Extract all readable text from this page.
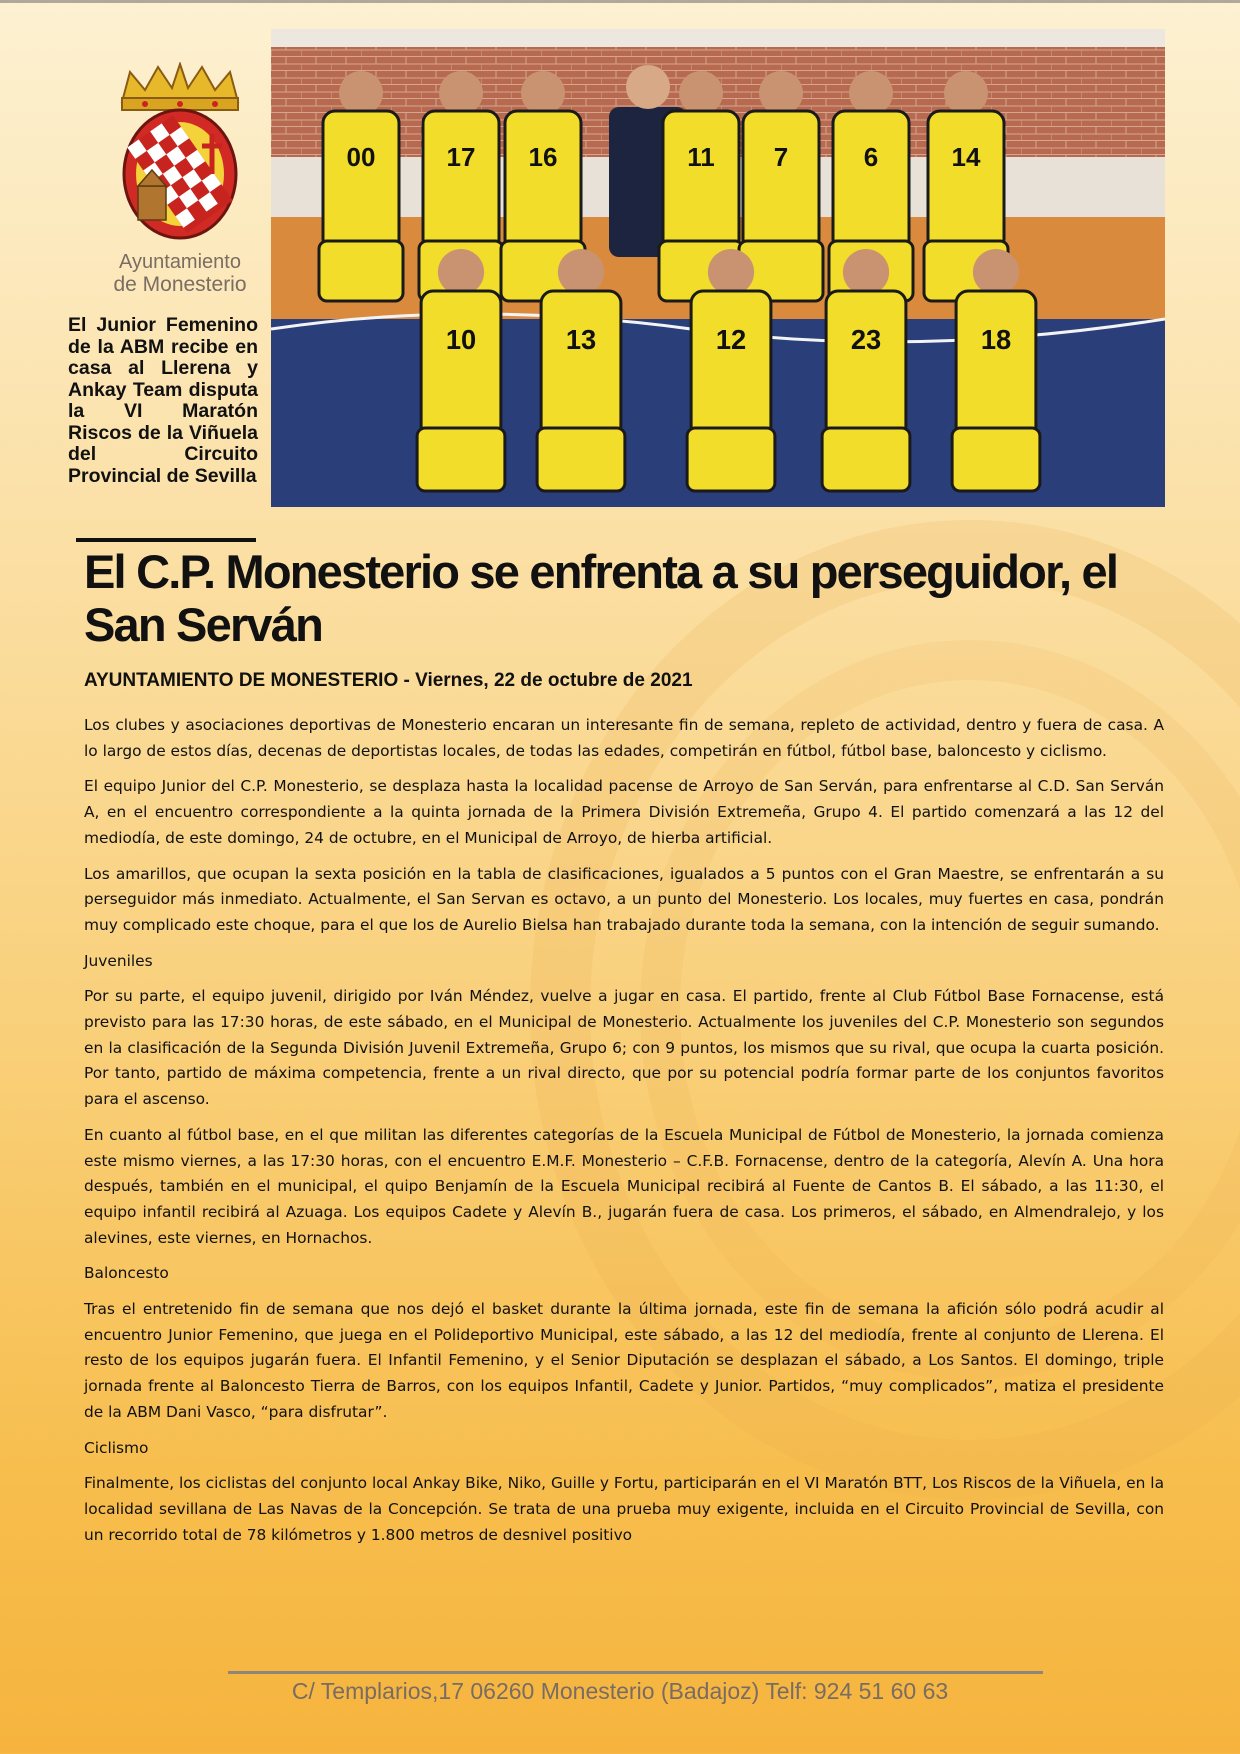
Ayuntamiento
de Monesterio
El Junior Femenino de la ABM recibe en casa al Llerena y Ankay Team disputa la VI Maratón Riscos de la Viñuela del Circuito Provincial de Sevilla
00	17 16	11 7	6	14
10	13	12	23	18
El C.P. Monesterio se enfrenta a su perseguidor, el San Serván

AYUNTAMIENTO DE MONESTERIO - Viernes, 22 de octubre de 2021

Los clubes y asociaciones deportivas de Monesterio encaran un interesante fin de semana, repleto de actividad, dentro y fuera de casa. A lo largo de estos días, decenas de deportistas locales, de todas las edades, competirán en fútbol, fútbol base, baloncesto y ciclismo.

El equipo Junior del C.P. Monesterio, se desplaza hasta la localidad pacense de Arroyo de San Serván, para enfrentarse al C.D. San Serván A, en el encuentro correspondiente a la quinta jornada de la Primera División Extremeña, Grupo 4. El partido comenzará a las 12 del mediodía, de este domingo, 24 de octubre, en el Municipal de Arroyo, de hierba artificial.

Los amarillos, que ocupan la sexta posición en la tabla de clasificaciones, igualados a 5 puntos con el Gran Maestre, se enfrentarán a su perseguidor más inmediato. Actualmente, el San Servan es octavo, a un punto del Monesterio. Los locales, muy fuertes en casa, pondrán muy complicado este choque, para el que los de Aurelio Bielsa han trabajado durante toda la semana, con la intención de seguir sumando.

Juveniles

Por su parte, el equipo juvenil, dirigido por Iván Méndez, vuelve a jugar en casa. El partido, frente al Club Fútbol Base Fornacense, está previsto para las 17:30 horas, de este sábado, en el Municipal de Monesterio. Actualmente los juveniles del C.P. Monesterio son segundos en la clasificación de la Segunda División Juvenil Extremeña, Grupo 6; con 9 puntos, los mismos que su rival, que ocupa la cuarta posición. Por tanto, partido de máxima competencia, frente a un rival directo, que por su potencial podría formar parte de los conjuntos favoritos para el ascenso.

En cuanto al fútbol base, en el que militan las diferentes categorías de la Escuela Municipal de Fútbol de Monesterio, la jornada comienza este mismo viernes, a las 17:30 horas, con el encuentro E.M.F. Monesterio – C.F.B. Fornacense, dentro de la categoría, Alevín A. Una hora después, también en el municipal, el quipo Benjamín de la Escuela Municipal recibirá al Fuente de Cantos B. El sábado, a las 11:30, el equipo infantil recibirá al Azuaga. Los equipos Cadete y Alevín B., jugarán fuera de casa. Los primeros, el sábado, en Almendralejo, y los alevines, este viernes, en Hornachos.

Baloncesto

Tras el entretenido fin de semana que nos dejó el basket durante la última jornada, este fin de semana la afición sólo podrá acudir al encuentro Junior Femenino, que juega en el Polideportivo Municipal, este sábado, a las 12 del mediodía, frente al conjunto de Llerena. El resto de los equipos jugarán fuera. El Infantil Femenino, y el Senior Diputación se desplazan el sábado, a Los Santos. El domingo, triple jornada frente al Baloncesto Tierra de Barros, con los equipos Infantil, Cadete y Junior. Partidos, “muy complicados”, matiza el presidente de la ABM Dani Vasco, “para disfrutar”.

Ciclismo

Finalmente, los ciclistas del conjunto local Ankay Bike, Niko, Guille y Fortu, participarán en el VI Maratón BTT, Los Riscos de la Viñuela, en la localidad sevillana de Las Navas de la Concepción. Se trata de una prueba muy exigente, incluida en el Circuito Provincial de Sevilla, con un recorrido total de 78 kilómetros y 1.800 metros de desnivel positivo

C/ Templarios,17 06260 Monesterio (Badajoz) Telf: 924 51 60 63
